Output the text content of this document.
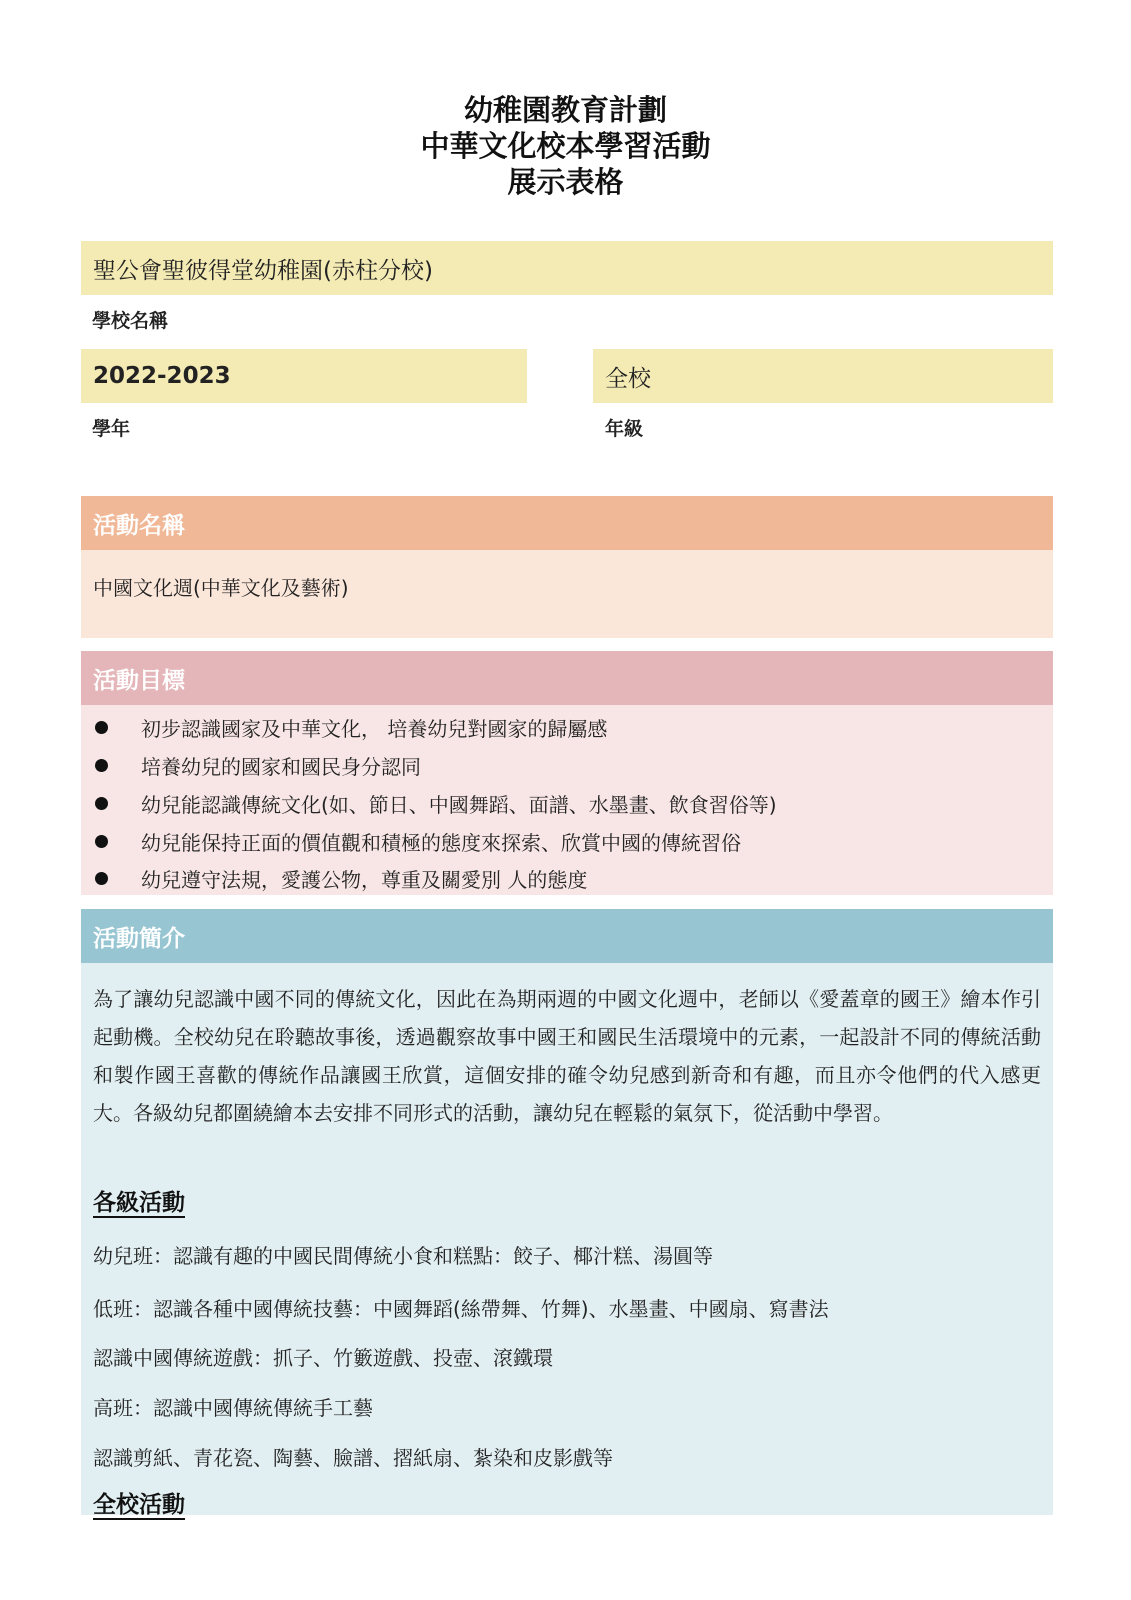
幼稚園教育計劃
中華文化校本學習活動
展示表格
聖公會聖彼得堂幼稚園(赤柱分校)
學校名稱
2022-2023	全校
學年	年級
活動名稱
中國文化週(中華文化及藝術)
活動目標
初步認識國家及中華文化， 培養幼兒對國家的歸屬感
培養幼兒的國家和國民身分認同
幼兒能認識傳統文化(如、節日、中國舞蹈、面譜、水墨畫、飲食習俗等)
幼兒能保持正面的價值觀和積極的態度來探索、欣賞中國的傳統習俗
幼兒遵守法規，愛護公物，尊重及關愛別 人的態度
活動簡介
為了讓幼兒認識中國不同的傳統文化，因此在為期兩週的中國文化週中，老師以《愛蓋章的國王》繪本作引起動機。全校幼兒在聆聽故事後，透過觀察故事中國王和國民生活環境中的元素，一起設計不同的傳統活動和製作國王喜歡的傳統作品讓國王欣賞，這個安排的確令幼兒感到新奇和有趣，而且亦令他們的代入感更大。各級幼兒都圍繞繪本去安排不同形式的活動，讓幼兒在輕鬆的氣氛下，從活動中學習。
各級活動
幼兒班：認識有趣的中國民間傳統小食和糕點：餃子、椰汁糕、湯圓等
低班：認識各種中國傳統技藝：中國舞蹈(絲帶舞、竹舞)、水墨畫、中國扇、寫書法
認識中國傳統遊戲：抓子、竹籔遊戲、投壺、滾鐵環
高班：認識中國傳統傳統手工藝
認識剪紙、青花瓷、陶藝、臉譜、摺紙扇、紮染和皮影戲等
全校活動
